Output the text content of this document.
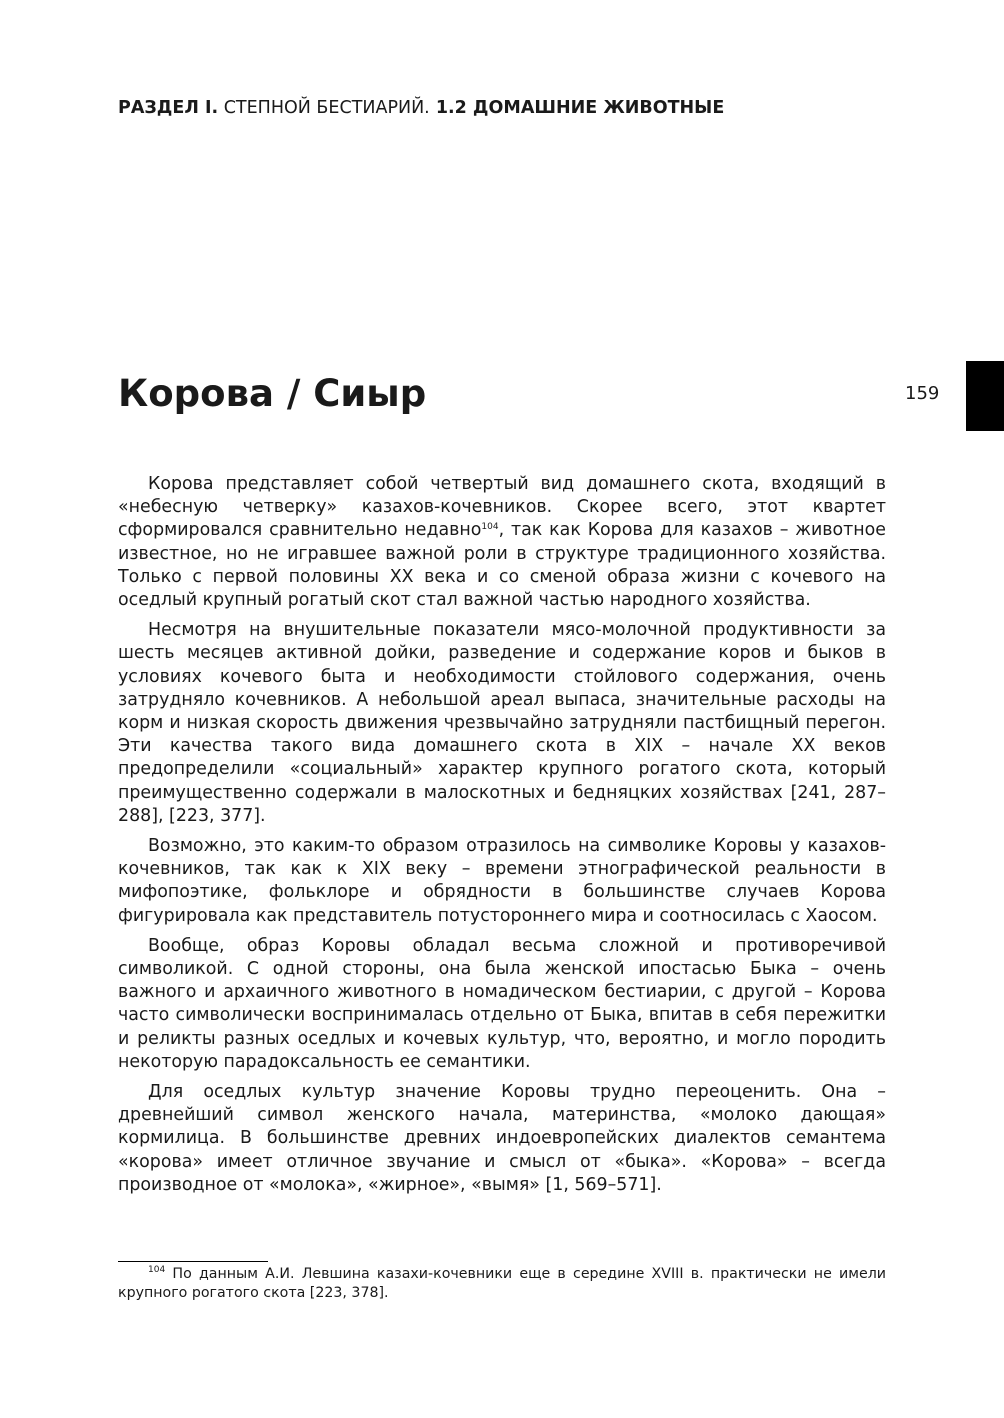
РАЗДЕЛ I. СТЕПНОЙ БЕСТИАРИЙ. 1.2 ДОМАШНИЕ ЖИВОТНЫЕ
159
Корова / Сиыр

Корова представляет собой четвертый вид домашнего скота, входящий в «небесную четверку» казахов-кочевников. Скорее всего, этот квартет сформировался сравнительно недавно$^{104}$, так как Корова для казахов – животное известное, но не игравшее важной роли в структуре традиционного хозяйства. Только с первой половины XX века и со сменой образа жизни с кочевого на оседлый крупный рогатый скот стал важной частью народного хозяйства.

Несмотря на внушительные показатели мясо-молочной продуктивности за шесть месяцев активной дойки, разведение и содержание коров и быков в условиях кочевого быта и необходимости стойлового содержания, очень затрудняло кочевников. А небольшой ареал выпаса, значительные расходы на корм и низкая скорость движения чрезвычайно затрудняли пастбищный перегон. Эти качества такого вида домашнего скота в XIX – начале XX веков предопределили «социальный» характер крупного рогатого скота, который преимущественно содержали в малоскотных и бедняцких хозяйствах [241, 287–288], [223, 377].

Возможно, это каким-то образом отразилось на символике Коровы у казахов-кочевников, так как к XIX веку – времени этнографической реальности в мифопоэтике, фольклоре и обрядности в большинстве случаев Корова фигурировала как представитель потустороннего мира и соотносилась с Хаосом.

Вообще, образ Коровы обладал весьма сложной и противоречивой символикой. С одной стороны, она была женской ипостасью Быка – очень важного и архаичного животного в номадическом бестиарии, с другой – Корова часто символически воспринималась отдельно от Быка, впитав в себя пережитки и реликты разных оседлых и кочевых культур, что, вероятно, и могло породить некоторую парадоксальность ее семантики.

Для оседлых культур значение Коровы трудно переоценить. Она – древнейший символ женского начала, материнства, «молоко дающая» кормилица. В большинстве древних индоевропейских диалектов семантема «корова» имеет отличное звучание и смысл от «быка». «Корова» – всегда производное от «молока», «жирное», «вымя» [1, 569–571].

$^{104}$ По данным А.И. Левшина казахи-кочевники еще в середине XVIII в. практически не имели крупного рогатого скота [223, 378].
